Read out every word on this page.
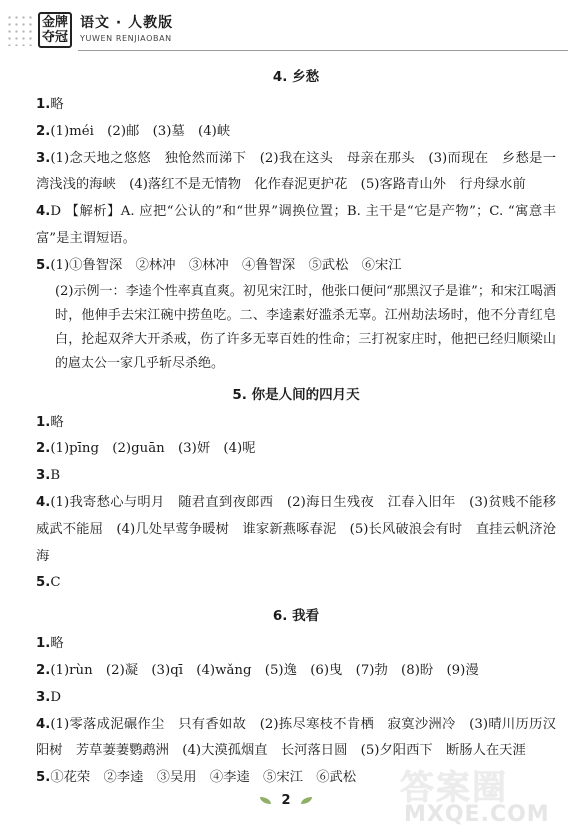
金牌
夺冠
语文 · 人教版
YUWEN RENJIAOBAN
4. 乡愁
1.略
2.(1)méi　(2)邮　(3)墓　(4)峡
3.(1)念天地之悠悠　独怆然而涕下　(2)我在这头　母亲在那头　(3)而现在　乡愁是一湾浅浅的海峡　(4)落红不是无情物　化作春泥更护花　(5)客路青山外　行舟绿水前
4.D 【解析】A. 应把“公认的”和“世界”调换位置；B. 主干是“它是产物”；C. “寓意丰富”是主谓短语。
5.(1)①鲁智深　②林冲　③林冲　④鲁智深　⑤武松　⑥宋江
(2)示例一：李逵个性率真直爽。初见宋江时，他张口便问“那黑汉子是谁”；和宋江喝酒时，他伸手去宋江碗中捞鱼吃。二、李逵素好滥杀无辜。江州劫法场时，他不分青红皂白，抡起双斧大开杀戒，伤了许多无辜百姓的性命；三打祝家庄时，他把已经归顺梁山的扈太公一家几乎斩尽杀绝。
5. 你是人间的四月天
1.略
2.(1)pīng　(2)guān　(3)妍　(4)呢
3.B
4.(1)我寄愁心与明月　随君直到夜郎西　(2)海日生残夜　江春入旧年　(3)贫贱不能移　威武不能屈　(4)几处早莺争暖树　谁家新燕啄春泥　(5)长风破浪会有时　直挂云帆济沧海
5.C
6. 我看
1.略
2.(1)rùn　(2)凝　(3)qī　(4)wǎng　(5)逸　(6)曳　(7)勃　(8)盼　(9)漫
3.D
4.(1)零落成泥碾作尘　只有香如故　(2)拣尽寒枝不肯栖　寂寞沙洲冷　(3)晴川历历汉阳树　芳草萋萋鹦鹉洲　(4)大漠孤烟直　长河落日圆　(5)夕阳西下　断肠人在天涯
5.①花荣　②李逵　③吴用　④李逵　⑤宋江　⑥武松
2	答案圈
MXQE.COM
